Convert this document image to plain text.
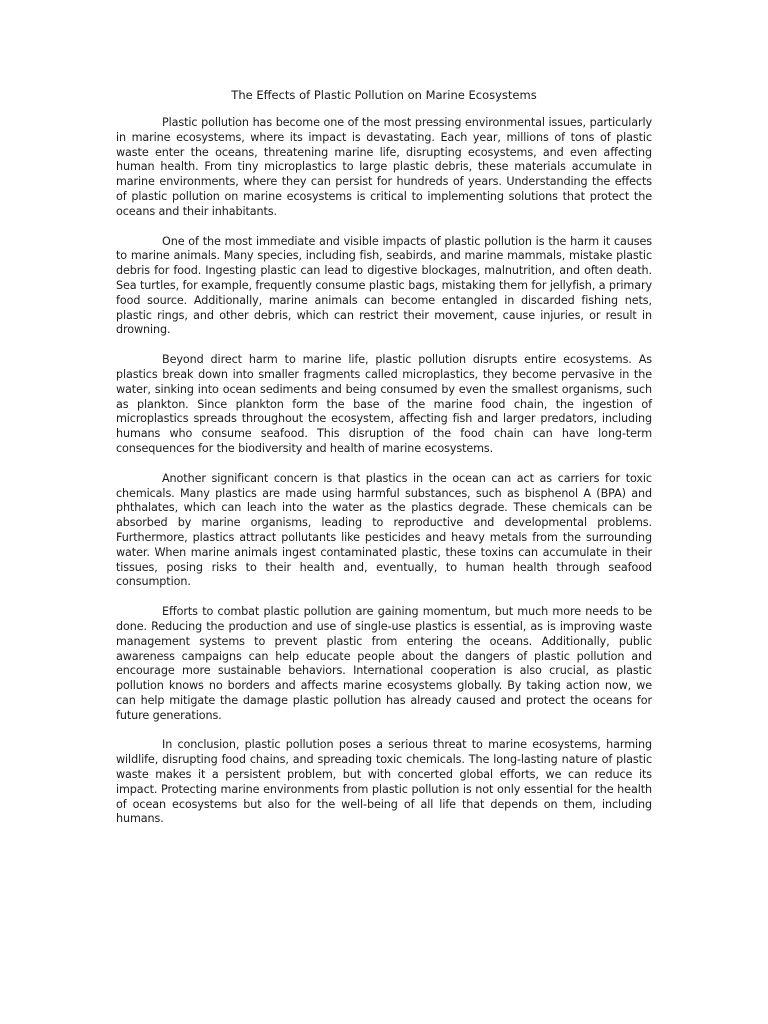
The Effects of Plastic Pollution on Marine Ecosystems

Plastic pollution has become one of the most pressing environmental issues, particularly in marine ecosystems, where its impact is devastating. Each year, millions of tons of plastic waste enter the oceans, threatening marine life, disrupting ecosystems, and even affecting human health. From tiny microplastics to large plastic debris, these materials accumulate in marine environments, where they can persist for hundreds of years. Understanding the effects of plastic pollution on marine ecosystems is critical to implementing solutions that protect the oceans and their inhabitants.

One of the most immediate and visible impacts of plastic pollution is the harm it causes to marine animals. Many species, including fish, seabirds, and marine mammals, mistake plastic debris for food. Ingesting plastic can lead to digestive blockages, malnutrition, and often death. Sea turtles, for example, frequently consume plastic bags, mistaking them for jellyfish, a primary food source. Additionally, marine animals can become entangled in discarded fishing nets, plastic rings, and other debris, which can restrict their movement, cause injuries, or result in drowning.

Beyond direct harm to marine life, plastic pollution disrupts entire ecosystems. As plastics break down into smaller fragments called microplastics, they become pervasive in the water, sinking into ocean sediments and being consumed by even the smallest organisms, such as plankton. Since plankton form the base of the marine food chain, the ingestion of microplastics spreads throughout the ecosystem, affecting fish and larger predators, including humans who consume seafood. This disruption of the food chain can have long-term consequences for the biodiversity and health of marine ecosystems.

Another significant concern is that plastics in the ocean can act as carriers for toxic chemicals. Many plastics are made using harmful substances, such as bisphenol A (BPA) and phthalates, which can leach into the water as the plastics degrade. These chemicals can be absorbed by marine organisms, leading to reproductive and developmental problems. Furthermore, plastics attract pollutants like pesticides and heavy metals from the surrounding water. When marine animals ingest contaminated plastic, these toxins can accumulate in their tissues, posing risks to their health and, eventually, to human health through seafood consumption.

Efforts to combat plastic pollution are gaining momentum, but much more needs to be done. Reducing the production and use of single-use plastics is essential, as is improving waste management systems to prevent plastic from entering the oceans. Additionally, public awareness campaigns can help educate people about the dangers of plastic pollution and encourage more sustainable behaviors. International cooperation is also crucial, as plastic pollution knows no borders and affects marine ecosystems globally. By taking action now, we can help mitigate the damage plastic pollution has already caused and protect the oceans for future generations.

In conclusion, plastic pollution poses a serious threat to marine ecosystems, harming wildlife, disrupting food chains, and spreading toxic chemicals. The long-lasting nature of plastic waste makes it a persistent problem, but with concerted global efforts, we can reduce its impact. Protecting marine environments from plastic pollution is not only essential for the health of ocean ecosystems but also for the well-being of all life that depends on them, including humans.
